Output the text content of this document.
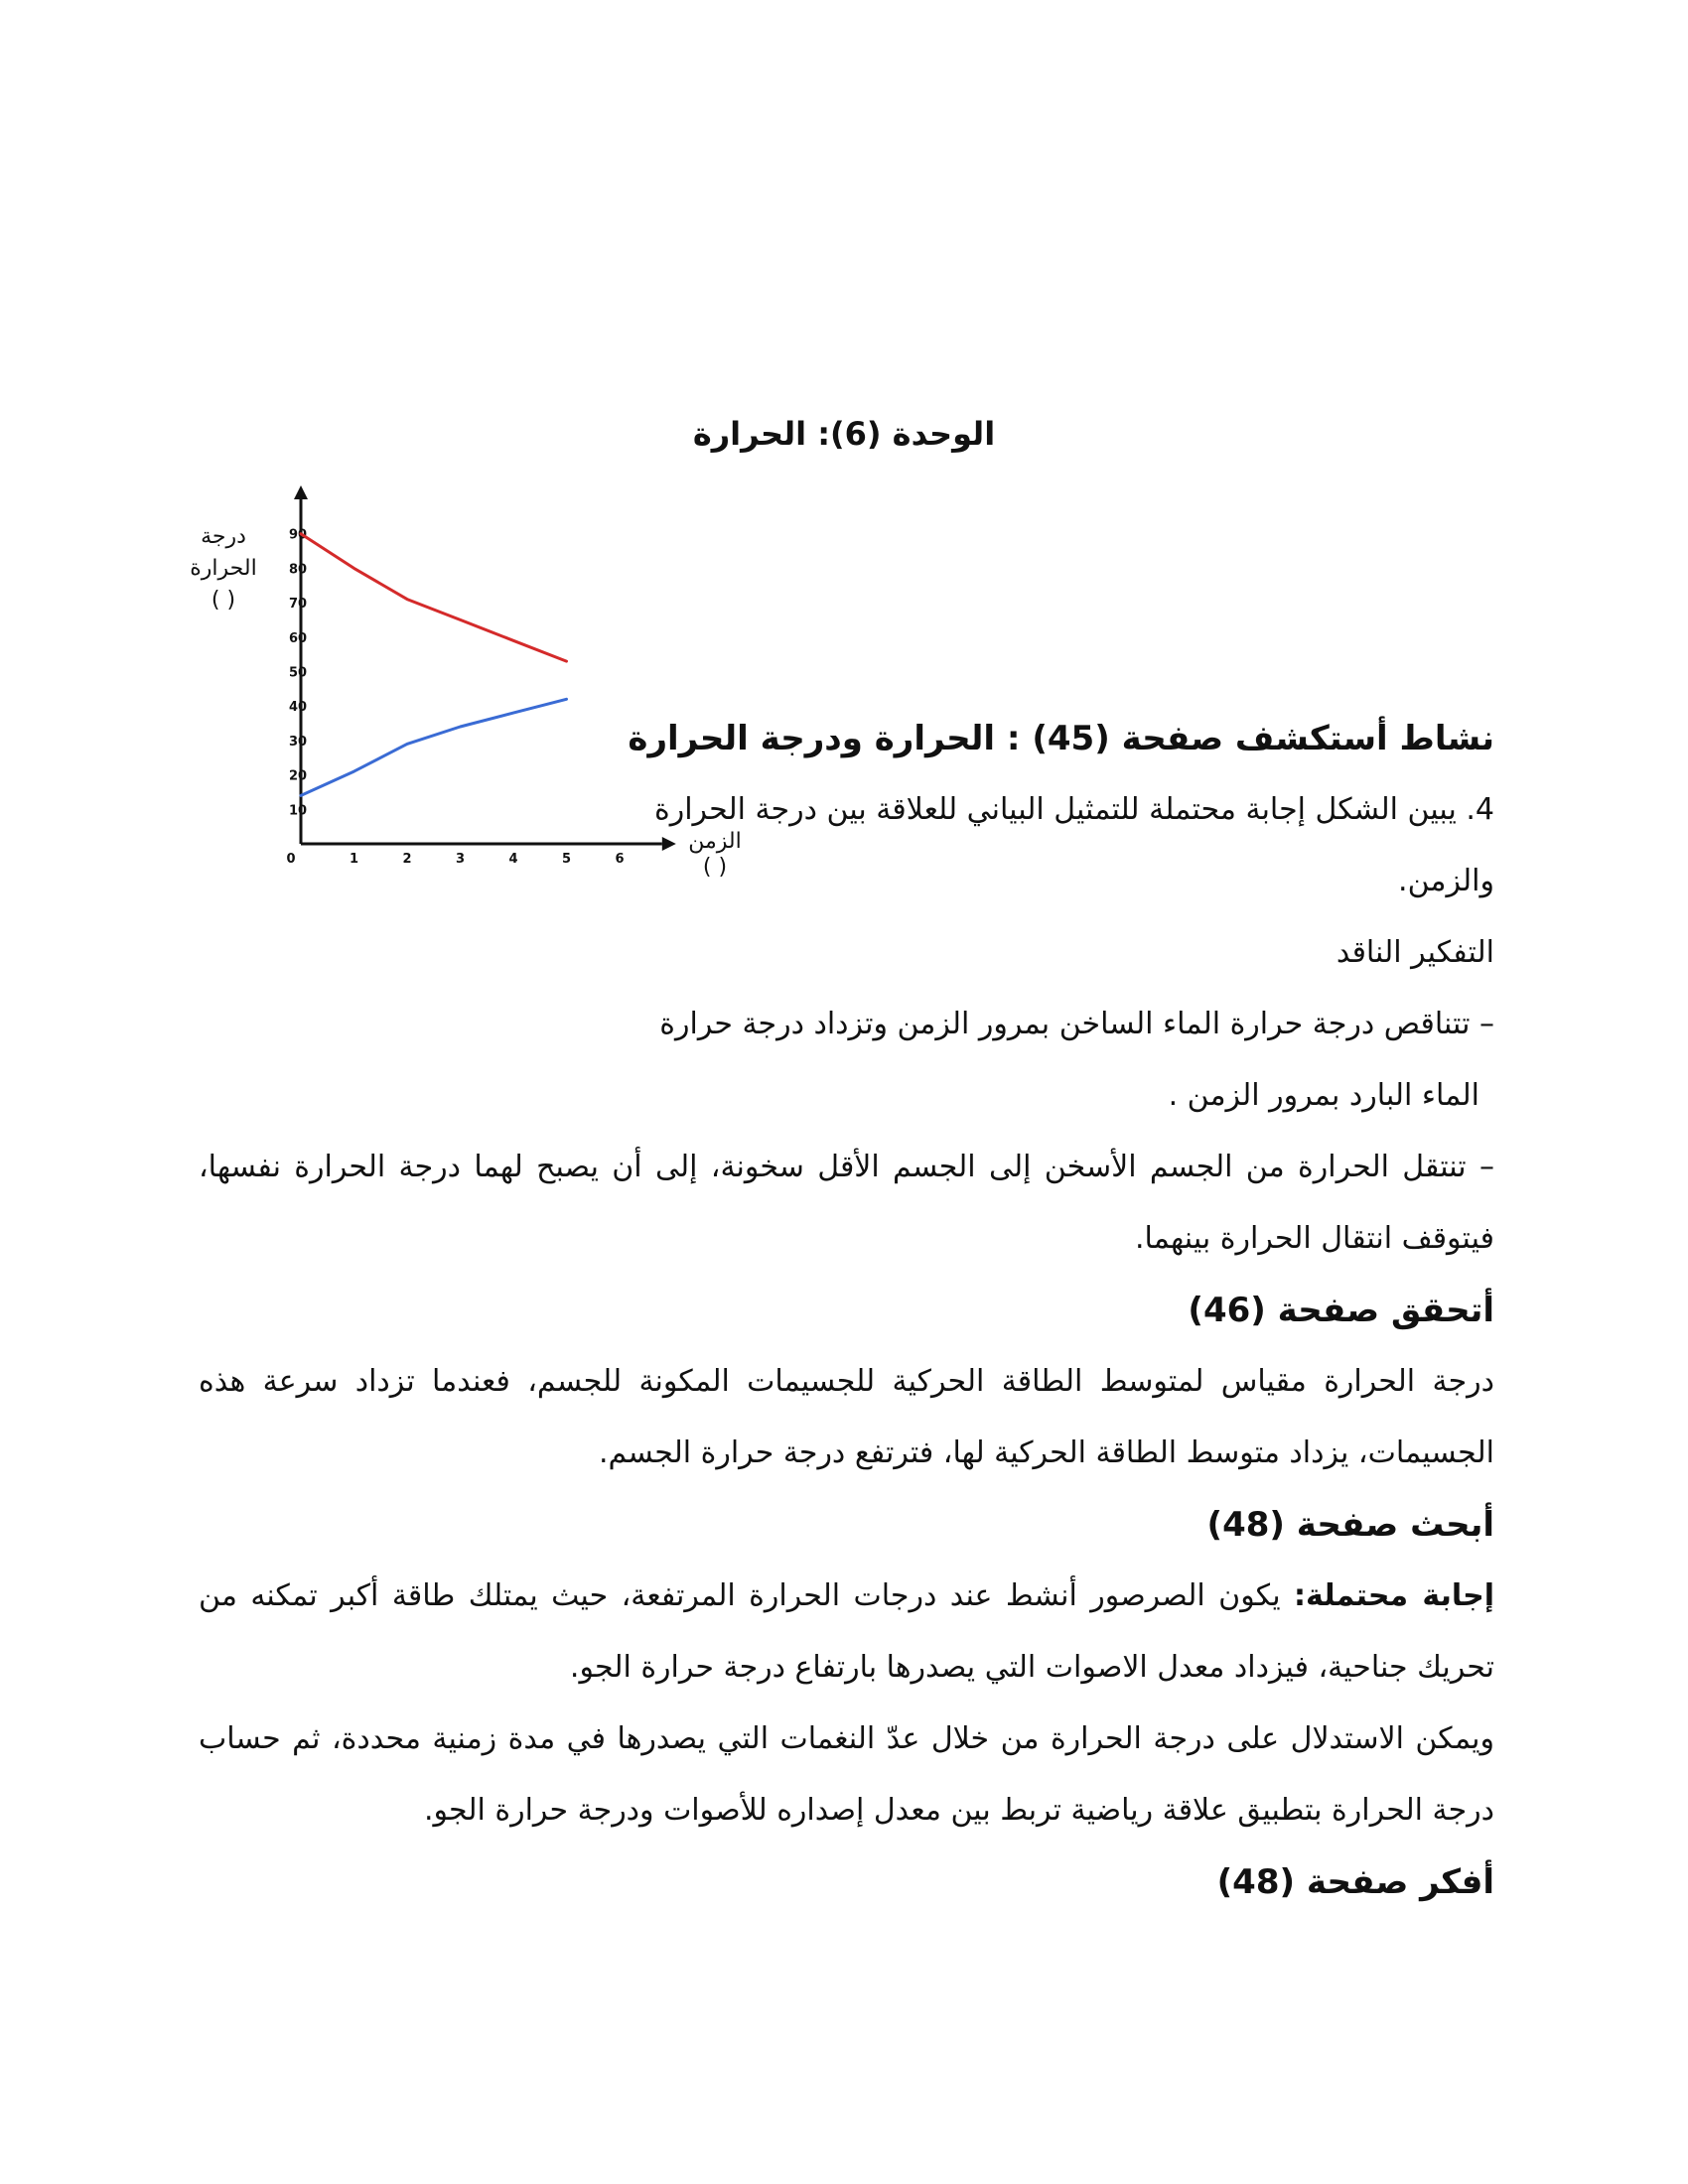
الوحدة (6): الحرارة
0	1	2	3	4	5	6
10
20
30
40
50
60
70
80
90
درجة
الحرارة
( )
الزمن
( )
نشاط أستكشف صفحة (45) : الحرارة ودرجة الحرارة
4. يبين الشكل إجابة محتملة للتمثيل البياني للعلاقة بين درجة الحرارة والزمن.
التفكير الناقد
– تتناقص درجة حرارة الماء الساخن بمرور الزمن وتزداد درجة حرارة
الماء البارد بمرور الزمن .
– تنتقل الحرارة من الجسم الأسخن إلى الجسم الأقل سخونة، إلى أن يصبح لهما درجة الحرارة نفسها، فيتوقف انتقال الحرارة بينهما.
أتحقق صفحة (46)
درجة الحرارة مقياس لمتوسط الطاقة الحركية للجسيمات المكونة للجسم، فعندما تزداد سرعة هذه الجسيمات، يزداد متوسط الطاقة الحركية لها، فترتفع درجة حرارة الجسم.
أبحث صفحة (48)
إجابة محتملة: يكون الصرصور أنشط عند درجات الحرارة المرتفعة، حيث يمتلك طاقة أكبر تمكنه من تحريك جناحية، فيزداد معدل الاصوات التي يصدرها بارتفاع درجة حرارة الجو.
ويمكن الاستدلال على درجة الحرارة من خلال عدّ النغمات التي يصدرها في مدة زمنية محددة، ثم حساب درجة الحرارة بتطبيق علاقة رياضية تربط بين معدل إصداره للأصوات ودرجة حرارة الجو.
أفكر صفحة (48)
